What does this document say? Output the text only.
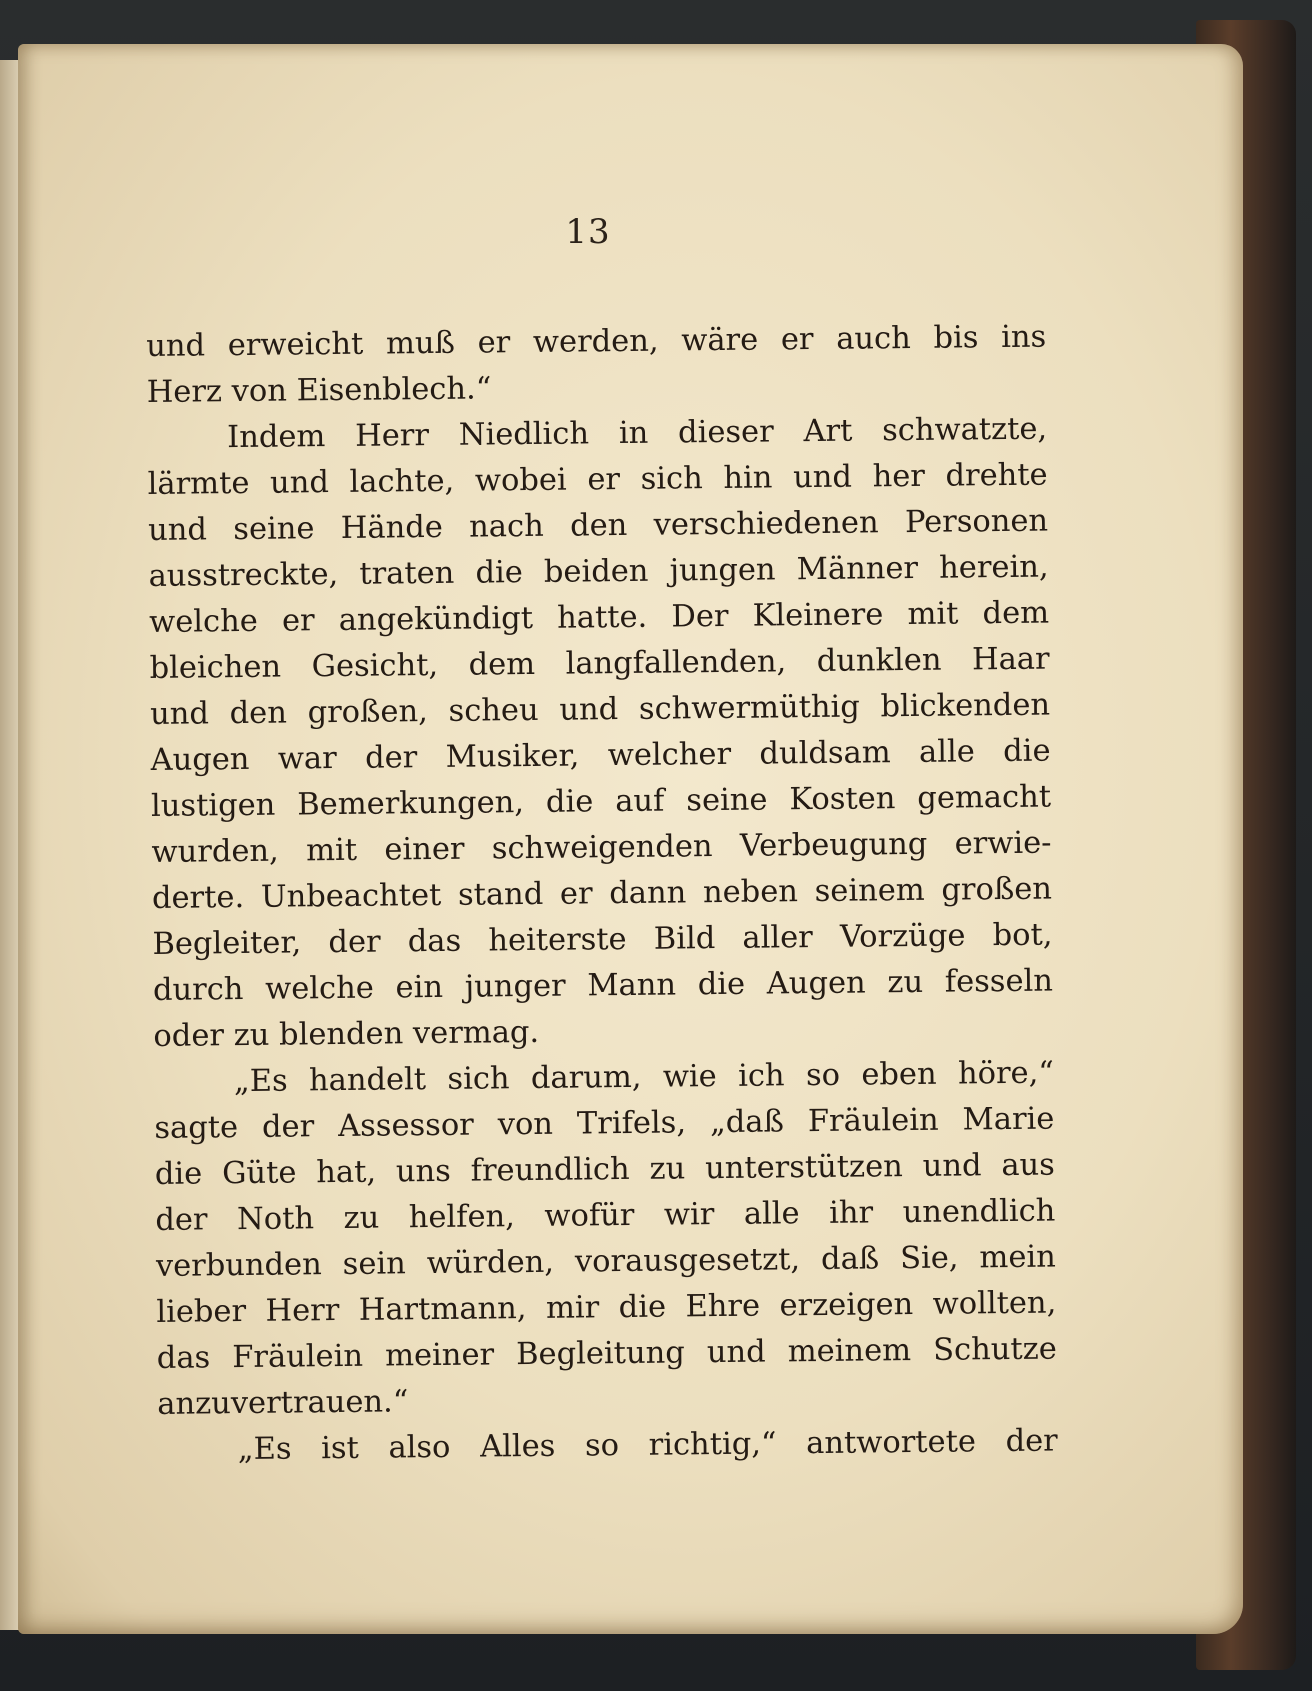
13
und erweicht muß er werden, wäre er auch bis ins
Herz von Eisenblech.“
Indem Herr Niedlich in dieser Art schwatzte,
lärmte und lachte, wobei er sich hin und her drehte
und seine Hände nach den verschiedenen Personen
ausstreckte, traten die beiden jungen Männer herein,
welche er angekündigt hatte. Der Kleinere mit dem
bleichen Gesicht, dem langfallenden, dunklen Haar
und den großen, scheu und schwermüthig blickenden
Augen war der Musiker, welcher duldsam alle die
lustigen Bemerkungen, die auf seine Kosten gemacht
wurden, mit einer schweigenden Verbeugung erwie-
derte. Unbeachtet stand er dann neben seinem großen
Begleiter, der das heiterste Bild aller Vorzüge bot,
durch welche ein junger Mann die Augen zu fesseln
oder zu blenden vermag.
„Es handelt sich darum, wie ich so eben höre,“
sagte der Assessor von Trifels, „daß Fräulein Marie
die Güte hat, uns freundlich zu unterstützen und aus
der Noth zu helfen, wofür wir alle ihr unendlich
verbunden sein würden, vorausgesetzt, daß Sie, mein
lieber Herr Hartmann, mir die Ehre erzeigen wollten,
das Fräulein meiner Begleitung und meinem Schutze
anzuvertrauen.“
„Es ist also Alles so richtig,“ antwortete der
